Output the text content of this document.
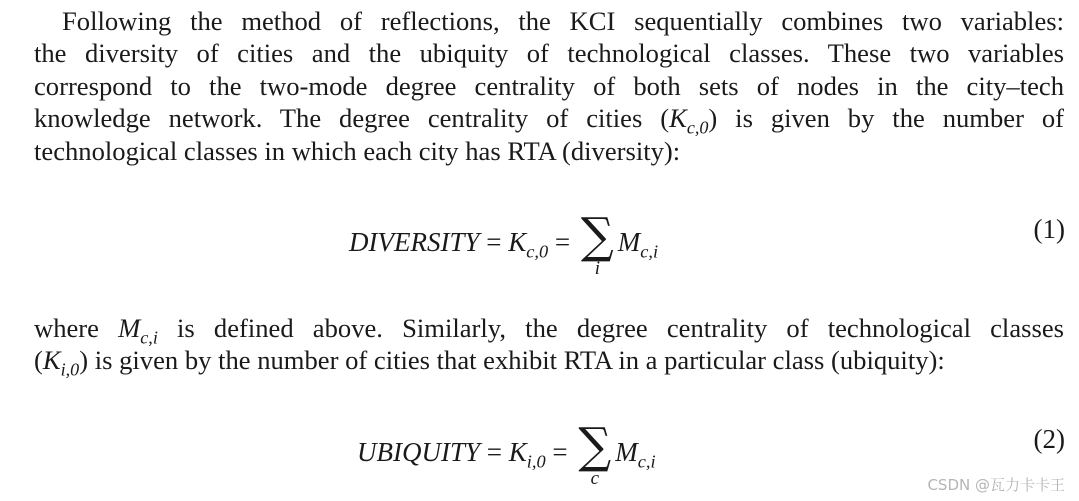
Following the method of reflections, the KCI sequentially combines two variables:
the diversity of cities and the ubiquity of technological classes. These two variables
correspond to the two-mode degree centrality of both sets of nodes in the city–tech
knowledge network. The degree centrality of cities $(K_{c,0})$ is given by the number of
technological classes in which each city has RTA (diversity):
DIVERSITY = $K_{c,0}$ = ∑
i
$M_{c,i}$
(1)
where $M_{c,i}$ is defined above. Similarly, the degree centrality of technological classes
$(K_{i,0})$ is given by the number of cities that exhibit RTA in a particular class (ubiquity):
UBIQUITY = $K_{i,0}$ = ∑
c
$M_{c,i}$
(2)
CSDN @瓦力卡卡王
